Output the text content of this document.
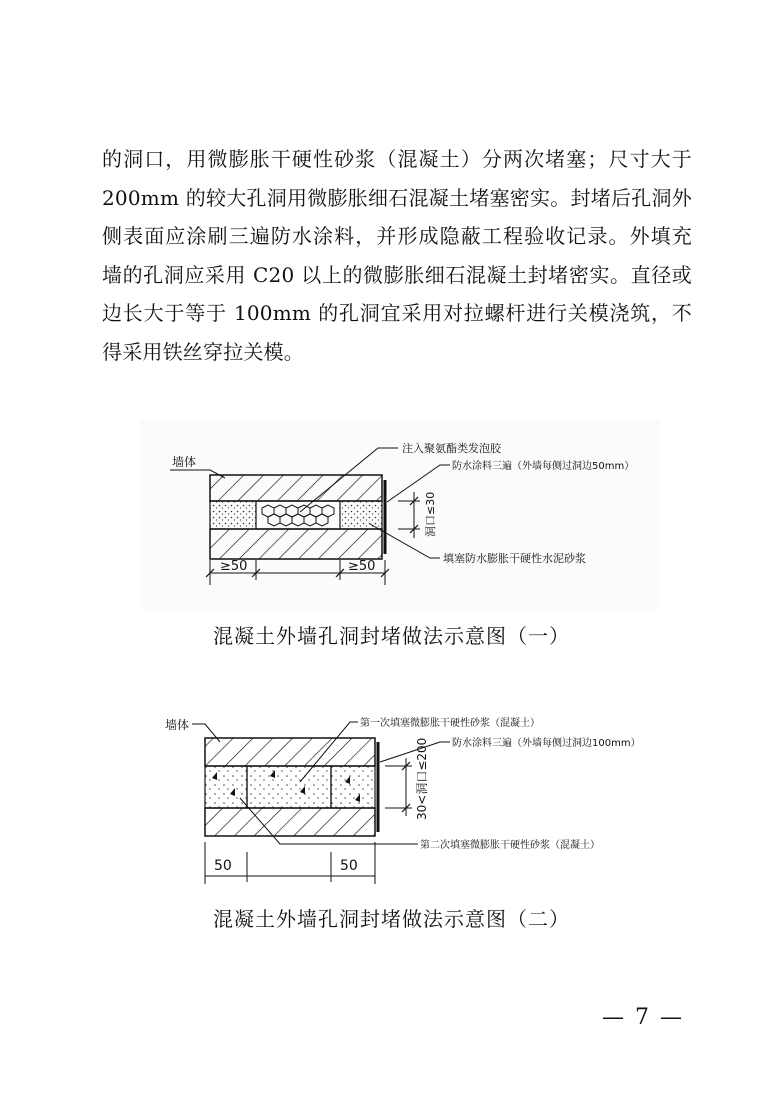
的洞口，用微膨胀干硬性砂浆（混凝土）分两次堵塞；尺寸大于
200mm 的较大孔洞用微膨胀细石混凝土堵塞密实。封堵后孔洞外
侧表面应涂刷三遍防水涂料，并形成隐蔽工程验收记录。外填充
墙的孔洞应采用 C20 以上的微膨胀细石混凝土封堵密实。直径或
边长大于等于 100mm 的孔洞宜采用对拉螺杆进行关模浇筑，不
得采用铁丝穿拉关模。
墙体
注入聚氨酯类发泡胶
防水涂料三遍（外墙每侧过洞边50mm）
洞口≤30
填塞防水膨胀干硬性水泥砂浆
≥50	≥50
混凝土外墙孔洞封堵做法示意图（一）
墙体	第一次填塞微膨胀干硬性砂浆（混凝土）
防水涂料三遍（外墙每侧过洞边100mm）
30<洞口≤200
第二次填塞微膨胀干硬性砂浆（混凝土）
50	50
混凝土外墙孔洞封堵做法示意图（二）
— 7 —
